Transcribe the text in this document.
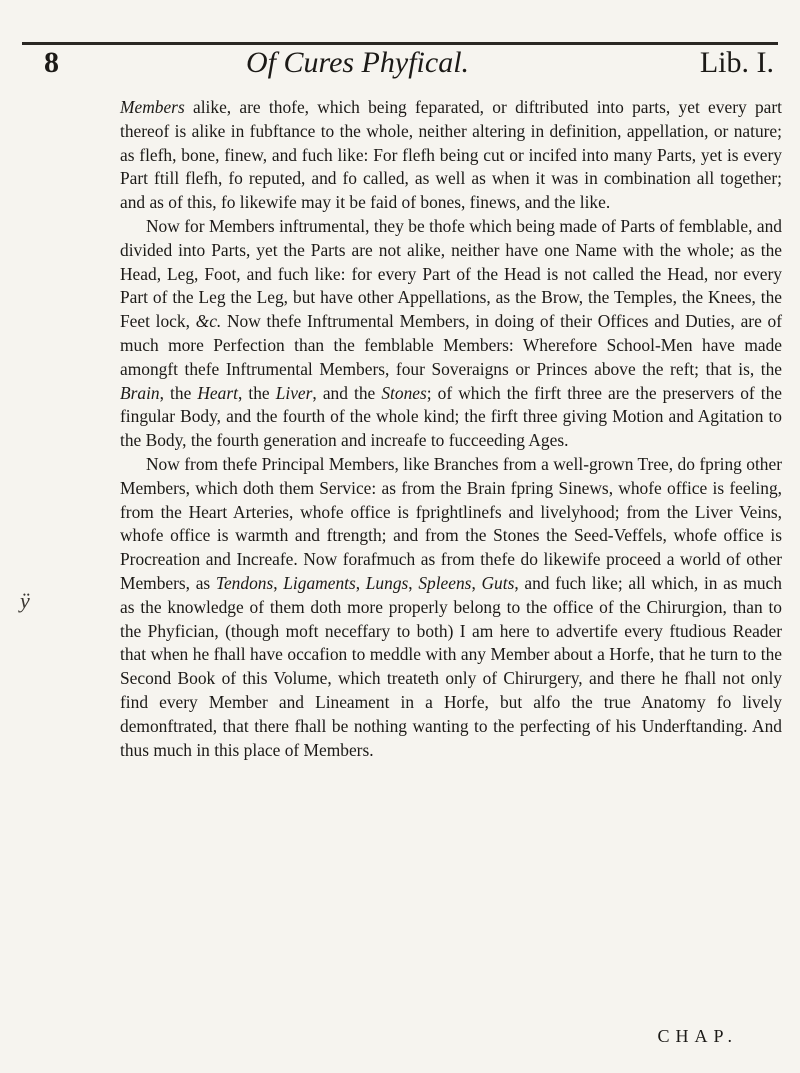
8	Of Cures Phyfical.	Lib. I.
ÿ

Members alike, are thofe, which being feparated, or diftributed into parts, yet every part thereof is alike in fubftance to the whole, neither altering in definition, appellation, or nature; as flefh, bone, finew, and fuch like: For flefh being cut or incifed into many Parts, yet is every Part ftill flefh, fo reputed, and fo called, as well as when it was in combination all together; and as of this, fo likewife may it be faid of bones, finews, and the like.

Now for Members inftrumental, they be thofe which being made of Parts of femblable, and divided into Parts, yet the Parts are not alike, neither have one Name with the whole; as the Head, Leg, Foot, and fuch like: for every Part of the Head is not called the Head, nor every Part of the Leg the Leg, but have other Appellations, as the Brow, the Temples, the Knees, the Feet lock, &c. Now thefe Inftrumental Members, in doing of their Offices and Duties, are of much more Perfection than the femblable Members: Wherefore School-Men have made amongft thefe Inftrumental Members, four Soveraigns or Princes above the reft; that is, the Brain, the Heart, the Liver, and the Stones; of which the firft three are the preservers of the fingular Body, and the fourth of the whole kind; the firft three giving Motion and Agitation to the Body, the fourth generation and increafe to fucceeding Ages.

Now from thefe Principal Members, like Branches from a well-grown Tree, do fpring other Members, which doth them Service: as from the Brain fpring Sinews, whofe office is feeling, from the Heart Arteries, whofe office is fprightlinefs and livelyhood; from the Liver Veins, whofe office is warmth and ftrength; and from the Stones the Seed-Veffels, whofe office is Procreation and Increafe. Now forafmuch as from thefe do likewife proceed a world of other Members, as Tendons, Ligaments, Lungs, Spleens, Guts, and fuch like; all which, in as much as the knowledge of them doth more properly belong to the office of the Chirurgion, than to the Phyfician, (though moft neceffary to both) I am here to advertife every ftudious Reader that when he fhall have occafion to meddle with any Member about a Horfe, that he turn to the Second Book of this Volume, which treateth only of Chirurgery, and there he fhall not only find every Member and Lineament in a Horfe, but alfo the true Anatomy fo lively demonftrated, that there fhall be nothing wanting to the perfecting of his Underftanding. And thus much in this place of Members.

CHAP.
